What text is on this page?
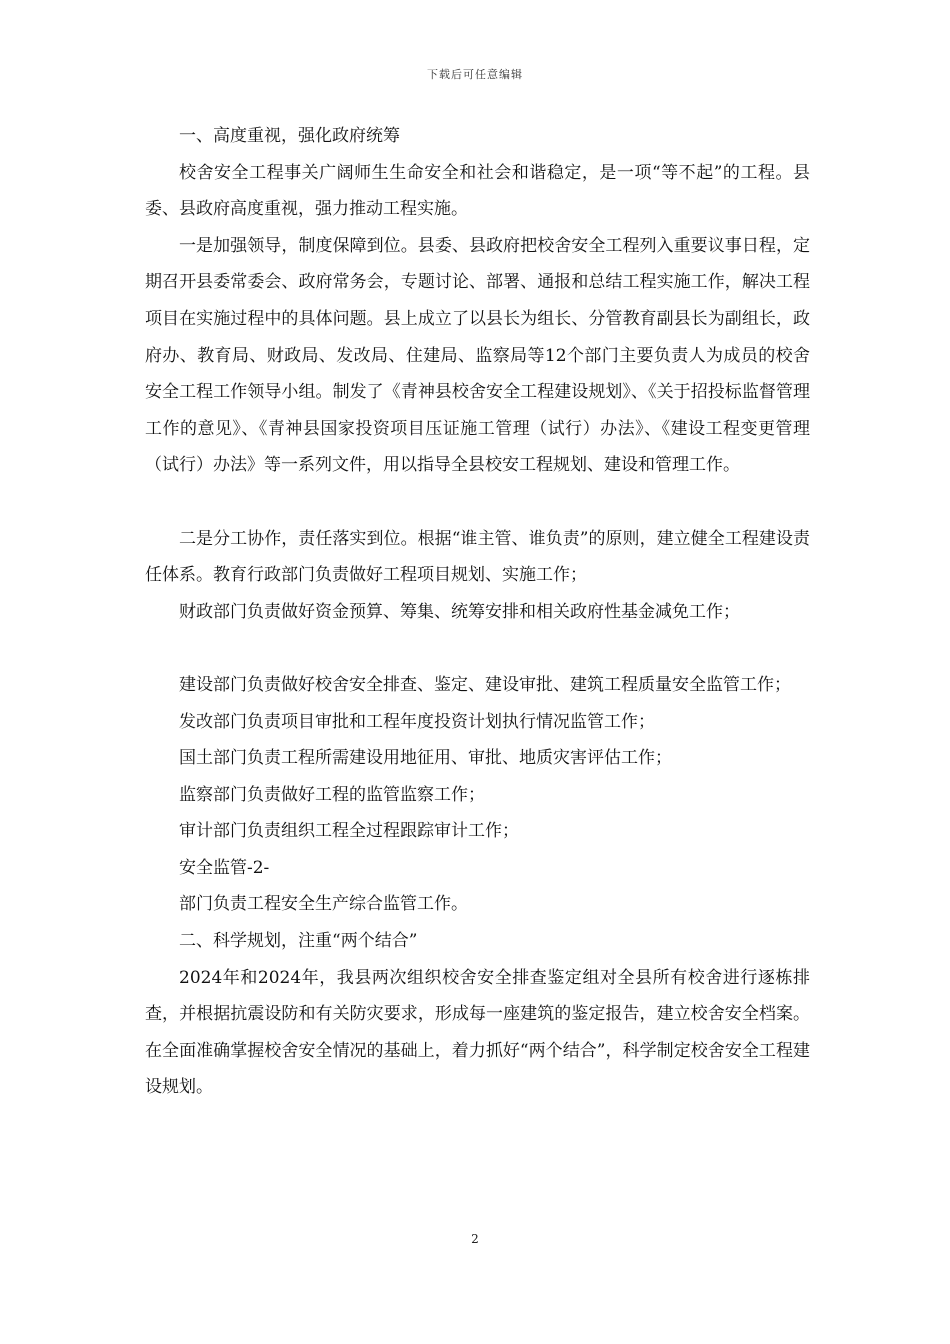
下载后可任意编辑

一、高度重视，强化政府统筹

校舍安全工程事关广阔师生生命安全和社会和谐稳定，是一项“等不起”的工程。县委、县政府高度重视，强力推动工程实施。

一是加强领导，制度保障到位。县委、县政府把校舍安全工程列入重要议事日程，定期召开县委常委会、政府常务会，专题讨论、部署、通报和总结工程实施工作，解决工程项目在实施过程中的具体问题。县上成立了以县长为组长、分管教育副县长为副组长，政府办、教育局、财政局、发改局、住建局、监察局等12个部门主要负责人为成员的校舍安全工程工作领导小组。制发了《青神县校舍安全工程建设规划》、《关于招投标监督管理工作的意见》、《青神县国家投资项目压证施工管理（试行）办法》、《建设工程变更管理（试行）办法》等一系列文件，用以指导全县校安工程规划、建设和管理工作。

二是分工协作，责任落实到位。根据“谁主管、谁负责”的原则，建立健全工程建设责任体系。教育行政部门负责做好工程项目规划、实施工作；

财政部门负责做好资金预算、筹集、统筹安排和相关政府性基金减免工作；

建设部门负责做好校舍安全排查、鉴定、建设审批、建筑工程质量安全监管工作；

发改部门负责项目审批和工程年度投资计划执行情况监管工作；

国土部门负责工程所需建设用地征用、审批、地质灾害评估工作；

监察部门负责做好工程的监管监察工作；

审计部门负责组织工程全过程跟踪审计工作；

安全监管-2-

部门负责工程安全生产综合监管工作。

二、科学规划，注重“两个结合”

2024年和2024年，我县两次组织校舍安全排查鉴定组对全县所有校舍进行逐栋排查，并根据抗震设防和有关防灾要求，形成每一座建筑的鉴定报告，建立校舍安全档案。在全面准确掌握校舍安全情况的基础上，着力抓好“两个结合”，科学制定校舍安全工程建设规划。

2
